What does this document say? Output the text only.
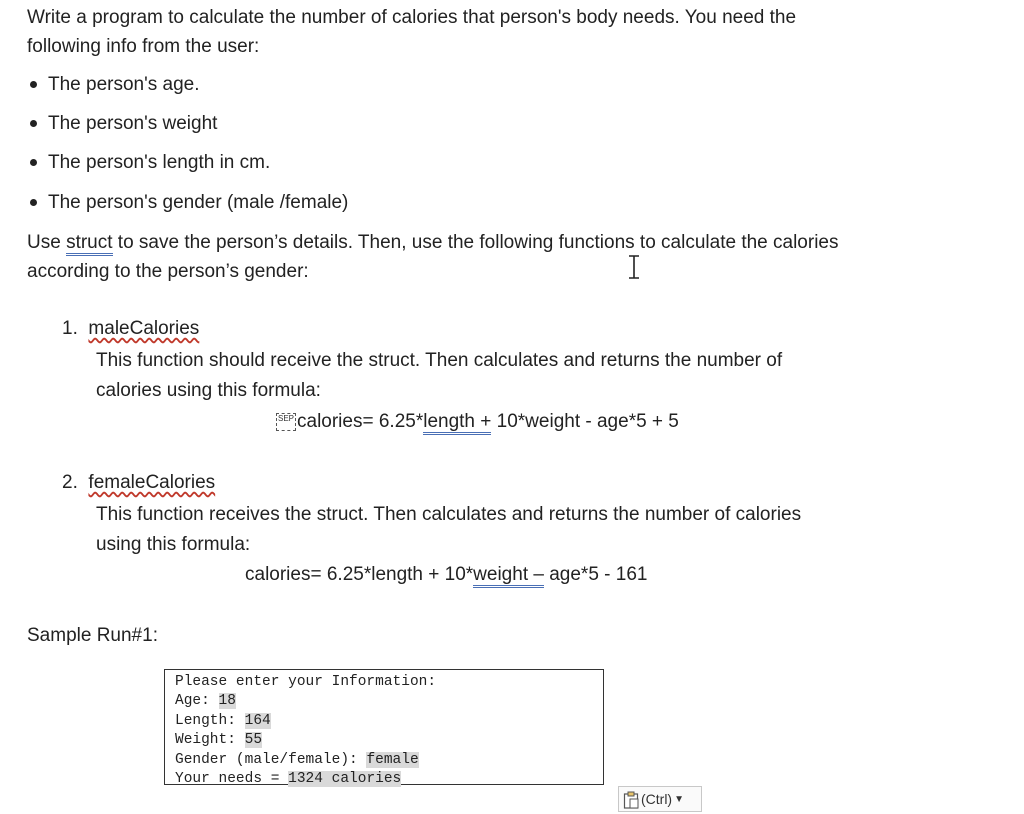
Write a program to calculate the number of calories that person's body needs. You need the
following info from the user:
The person's age.
The person's weight
The person's length in cm.
The person's gender (male /female)
Use struct to save the person’s details. Then, use the following functions to calculate the calories
according to the person’s gender:
1. maleCalories
This function should receive the struct. Then calculates and returns the number of
calories using this formula:
SEP calories= 6.25*length + 10*weight - age*5 + 5
2. femaleCalories
This function receives the struct. Then calculates and returns the number of calories
using this formula:
calories= 6.25*length + 10*weight – age*5 - 161
Sample Run#1:
Please enter your Information:
Age: 18
Length: 164
Weight: 55
Gender (male/female): female
Your needs = 1324 calories
(Ctrl) ▼
